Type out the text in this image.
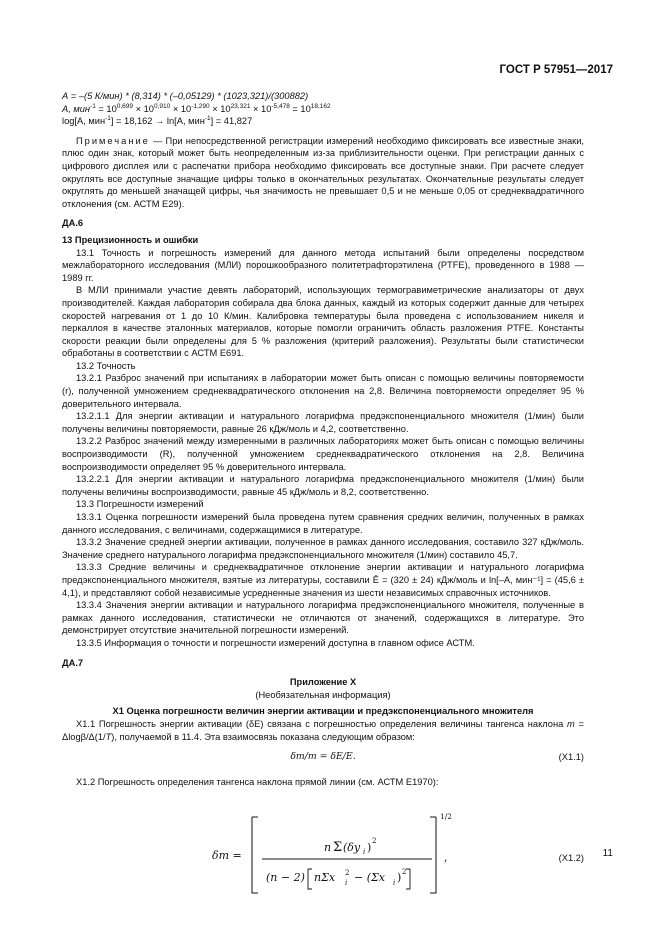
ГОСТ Р 57951—2017

А = –(5 К/мин) * (8,314) * (–0,05129) * (1023,321)/(300882)

А, $мин^{-1} = 10^{0,699} \times 10^{0,910} \times 10^{-1,290} \times 10^{23,321} \times 10^{-5,478} = 10^{18,162}$

log[А, мин$^{-1}$] = 18,162 → ln[А, мин$^{-1}$] = 41,827

Примечание — При непосредственной регистрации измерений необходимо фиксировать все известные знаки, плюс один знак, который может быть неопределенным из-за приблизительности оценки. При регистрации данных с цифрового дисплея или с распечатки прибора необходимо фиксировать все доступные знаки. При расчете следует округлять все доступные значащие цифры только в окончательных результатах. Окончательные результаты следует округлять до меньшей значащей цифры, чья значимость не превышает 0,5 и не меньше 0,05 от среднеквадратичного отклонения (см. АСТМ Е29).

ДА.6

13 Прецизионность и ошибки

13.1 Точность и погрешность измерений для данного метода испытаний были определены посредством межлабораторного исследования (МЛИ) порошкообразного политетрафторэтилена (PTFE), проведенного в 1988 — 1989 гг.

В МЛИ принимали участие девять лабораторий, использующих термогравиметрические анализаторы от двух производителей. Каждая лаборатория собирала два блока данных, каждый из которых содержит данные для четырех скоростей нагревания от 1 до 10 К/мин. Калибровка температуры была проведена с использованием никеля и перкаллоя в качестве эталонных материалов, которые помогли ограничить область разложения PTFE. Константы скорости реакции были определены для 5 % разложения (критерий разложения). Результаты были статистически обработаны в соответствии с АСТМ Е691.

13.2 Точность

13.2.1 Разброс значений при испытаниях в лаборатории может быть описан с помощью величины повторяемости (r), полученной умножением среднеквадратического отклонения на 2,8. Величина повторяемости определяет 95 % доверительного интервала.

13.2.1.1 Для энергии активации и натурального логарифма предэкспоненциального множителя (1/мин) были получены величины повторяемости, равные 26 кДж/моль и 4,2, соответственно.

13.2.2 Разброс значений между измеренными в различных лабораториях может быть описан с помощью величины воспроизводимости (R), полученной умножением среднеквадратического отклонения на 2,8. Величина воспроизводимости определяет 95 % доверительного интервала.

13.2.2.1 Для энергии активации и натурального логарифма предэкспоненциального множителя (1/мин) были получены величины воспроизводимости, равные 45 кДж/моль и 8,2, соответственно.

13.3 Погрешности измерений

13.3.1 Оценка погрешности измерений была проведена путем сравнения средних величин, полученных в рамках данного исследования, с величинами, содержащимися в литературе.

13.3.2 Значение средней энергии активации, полученное в рамках данного исследования, составило 327 кДж/моль. Значение среднего натурального логарифма предэкспоненциального множителя (1/мин) составило 45,7.

13.3.3 Средние величины и среднеквадратичное отклонение энергии активации и натурального логарифма предэкспоненциального множителя, взятые из литературы, составили Ē = (320 ± 24) кДж/моль и ln[–A, мин⁻¹] = (45,6 ± 4,1), и представляют собой независимые усредненные значения из шести независимых справочных источников.

13.3.4 Значения энергии активации и натурального логарифма предэкспоненциального множителя, полученные в рамках данного исследования, статистически не отличаются от значений, содержащихся в литературе. Это демонстрирует отсутствие значительной погрешности измерений.

13.3.5 Информация о точности и погрешности измерений доступна в главном офисе АСТМ.

ДА.7

Приложение Х

(Необязательная информация)

Х1 Оценка погрешности величин энергии активации и предэкспоненциального множителя

Х1.1 Погрешность энергии активации (δE) связана с погрешностью определения величины тангенса наклона m = Δlogβ/Δ(1/T), получаемой в 11.4. Эта взаимосвязь показана следующим образом:

δm/m = δE/E.	(Х1.1)

Х1.2 Погрешность определения тангенса наклона прямой линии (см. АСТМ Е1970):

δm =
n Σ (δy i ) 2
(n − 2) nΣx 2
i − (Σx i ) 2
1/2
,	(Х1.2) 11
